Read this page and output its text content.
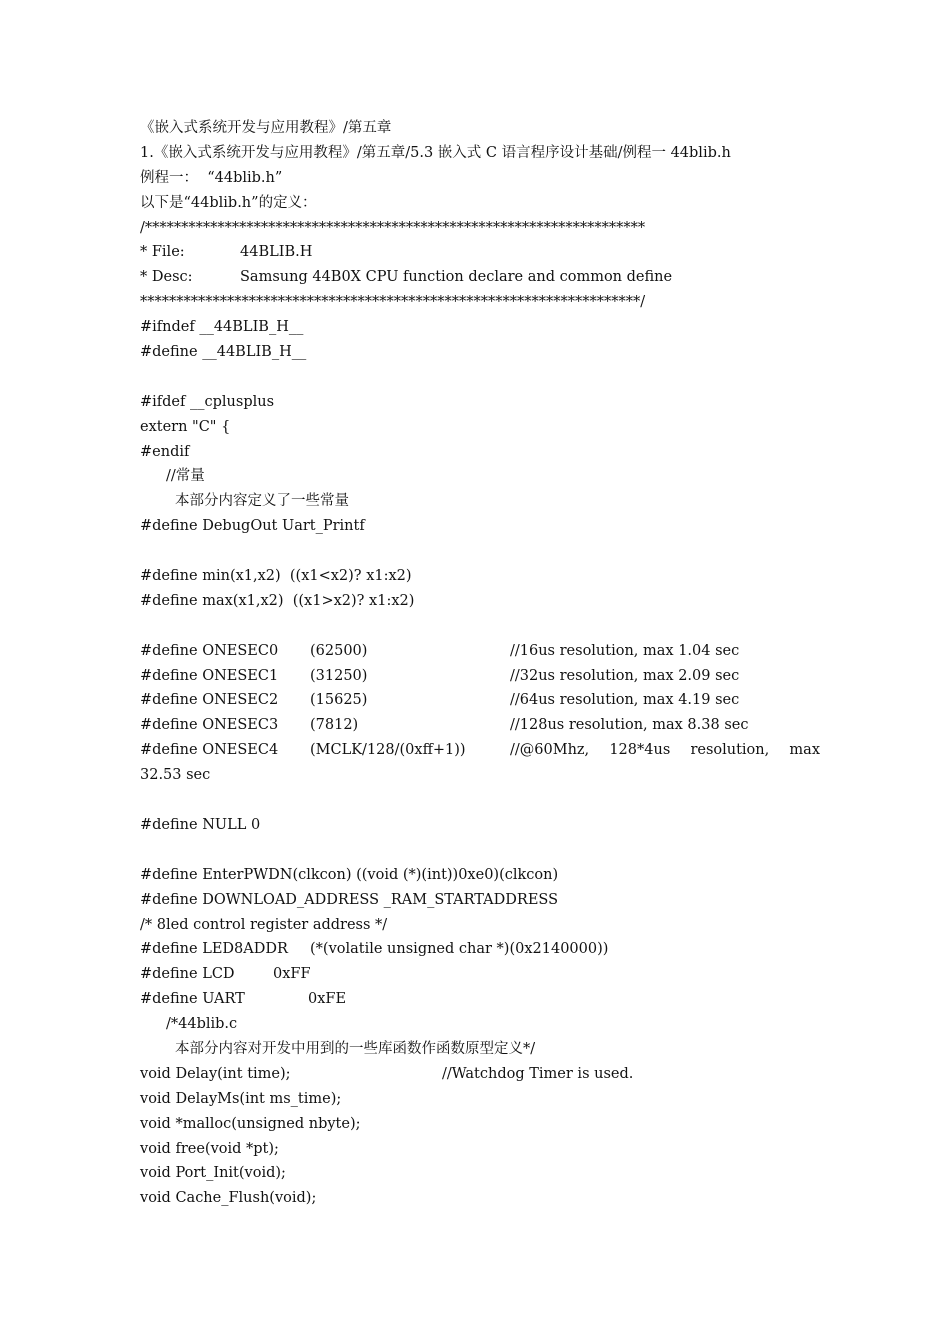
《嵌入式系统开发与应用教程》/第五章
1.《嵌入式系统开发与应用教程》/第五章/5.3 嵌入式 C 语言程序设计基础/例程一 44blib.h
例程一：  “44blib.h”
以下是“44blib.h”的定义：
/*********************************************************************
* File:	44BLIB.H
* Desc:	Samsung 44B0X CPU function declare and common define
*********************************************************************/
#ifndef __44BLIB_H__
#define __44BLIB_H__
#ifdef __cplusplus
extern "C" {
#endif
//常量
本部分内容定义了一些常量
#define DebugOut Uart_Printf
#define min(x1,x2)  ((x1<x2)? x1:x2)
#define max(x1,x2)  ((x1>x2)? x1:x2)
#define ONESEC0	(62500)	//16us resolution, max 1.04 sec
#define ONESEC1	(31250)	//32us resolution, max 2.09 sec
#define ONESEC2	(15625)	//64us resolution, max 4.19 sec
#define ONESEC3	(7812)	//128us resolution, max 8.38 sec
#define ONESEC4	(MCLK/128/(0xff+1))	//@60Mhz, 128*4us resolution, max
32.53 sec
#define NULL 0
#define EnterPWDN(clkcon) ((void (*)(int))0xe0)(clkcon)
#define DOWNLOAD_ADDRESS _RAM_STARTADDRESS
/* 8led control register address */
#define LED8ADDR	(*(volatile unsigned char *)(0x2140000))
#define LCD	0xFF
#define UART	0xFE
/*44blib.c
本部分内容对开发中用到的一些库函数作函数原型定义*/
void Delay(int time);	//Watchdog Timer is used.
void DelayMs(int ms_time);
void *malloc(unsigned nbyte);
void free(void *pt);
void Port_Init(void);
void Cache_Flush(void);
